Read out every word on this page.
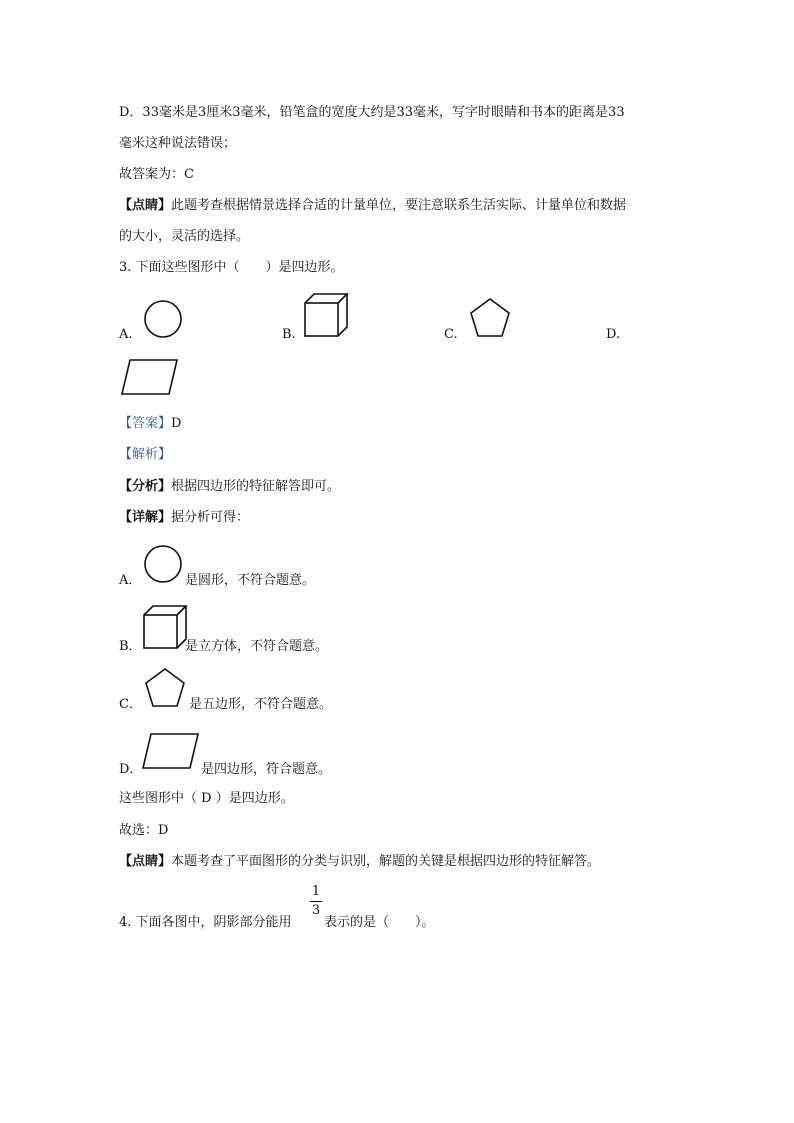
D．33毫米是3厘米3毫米，铅笔盒的宽度大约是33毫米，写字时眼睛和书本的距离是33
毫米这种说法错误；
故答案为：C
【点睛】此题考查根据情景选择合适的计量单位，要注意联系生活实际、计量单位和数据
的大小，灵活的选择。
3. 下面这些图形中（　　）是四边形。
A.	B.	C.	D.
【答案】D
【解析】
【分析】根据四边形的特征解答即可。
【详解】据分析可得：
A．	是圆形，不符合题意。
B．	是立方体，不符合题意。
C．	是五边形，不符合题意。
D．	是四边形，符合题意。
这些图形中（ D ）是四边形。
故选：D
【点睛】本题考查了平面图形的分类与识别，解题的关键是根据四边形的特征解答。
4. 下面各图中，阴影部分能用
1
3
表示的是（　　）。
